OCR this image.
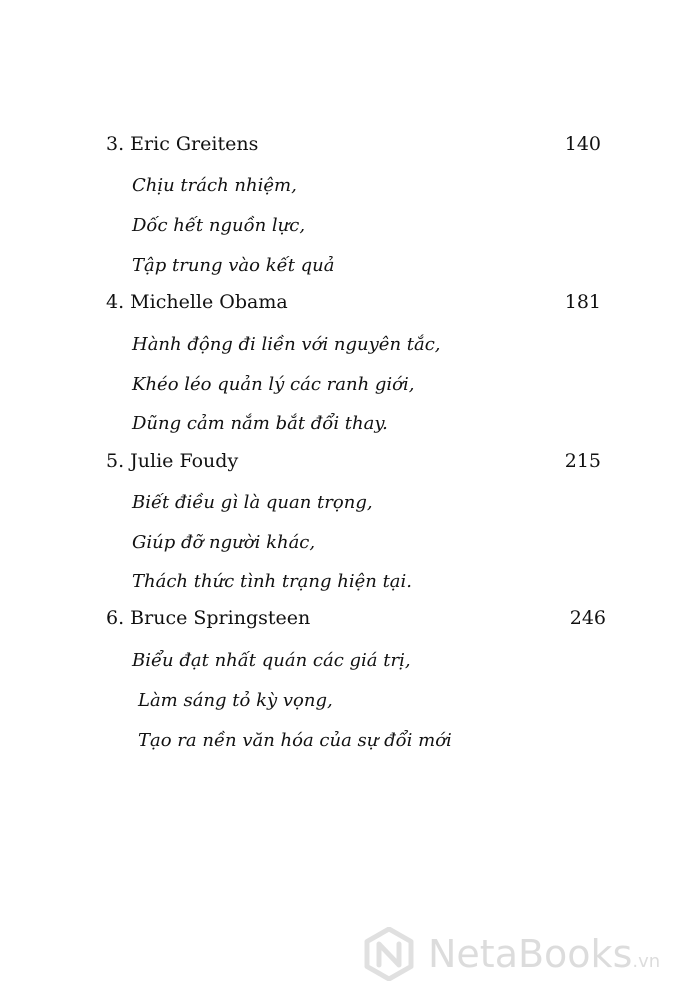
3. Eric Greitens	140
Chịu trách nhiệm,
Dốc hết nguồn lực,
Tập trung vào kết quả
4. Michelle Obama	181
Hành động đi liền với nguyên tắc,
Khéo léo quản lý các ranh giới,
Dũng cảm nắm bắt đổi thay.
5. Julie Foudy	215
Biết điều gì là quan trọng,
Giúp đỡ người khác,
Thách thức tình trạng hiện tại.
6. Bruce Springsteen	246
Biểu đạt nhất quán các giá trị,
Làm sáng tỏ kỳ vọng,
Tạo ra nền văn hóa của sự đổi mới
NetaBooks.vn
